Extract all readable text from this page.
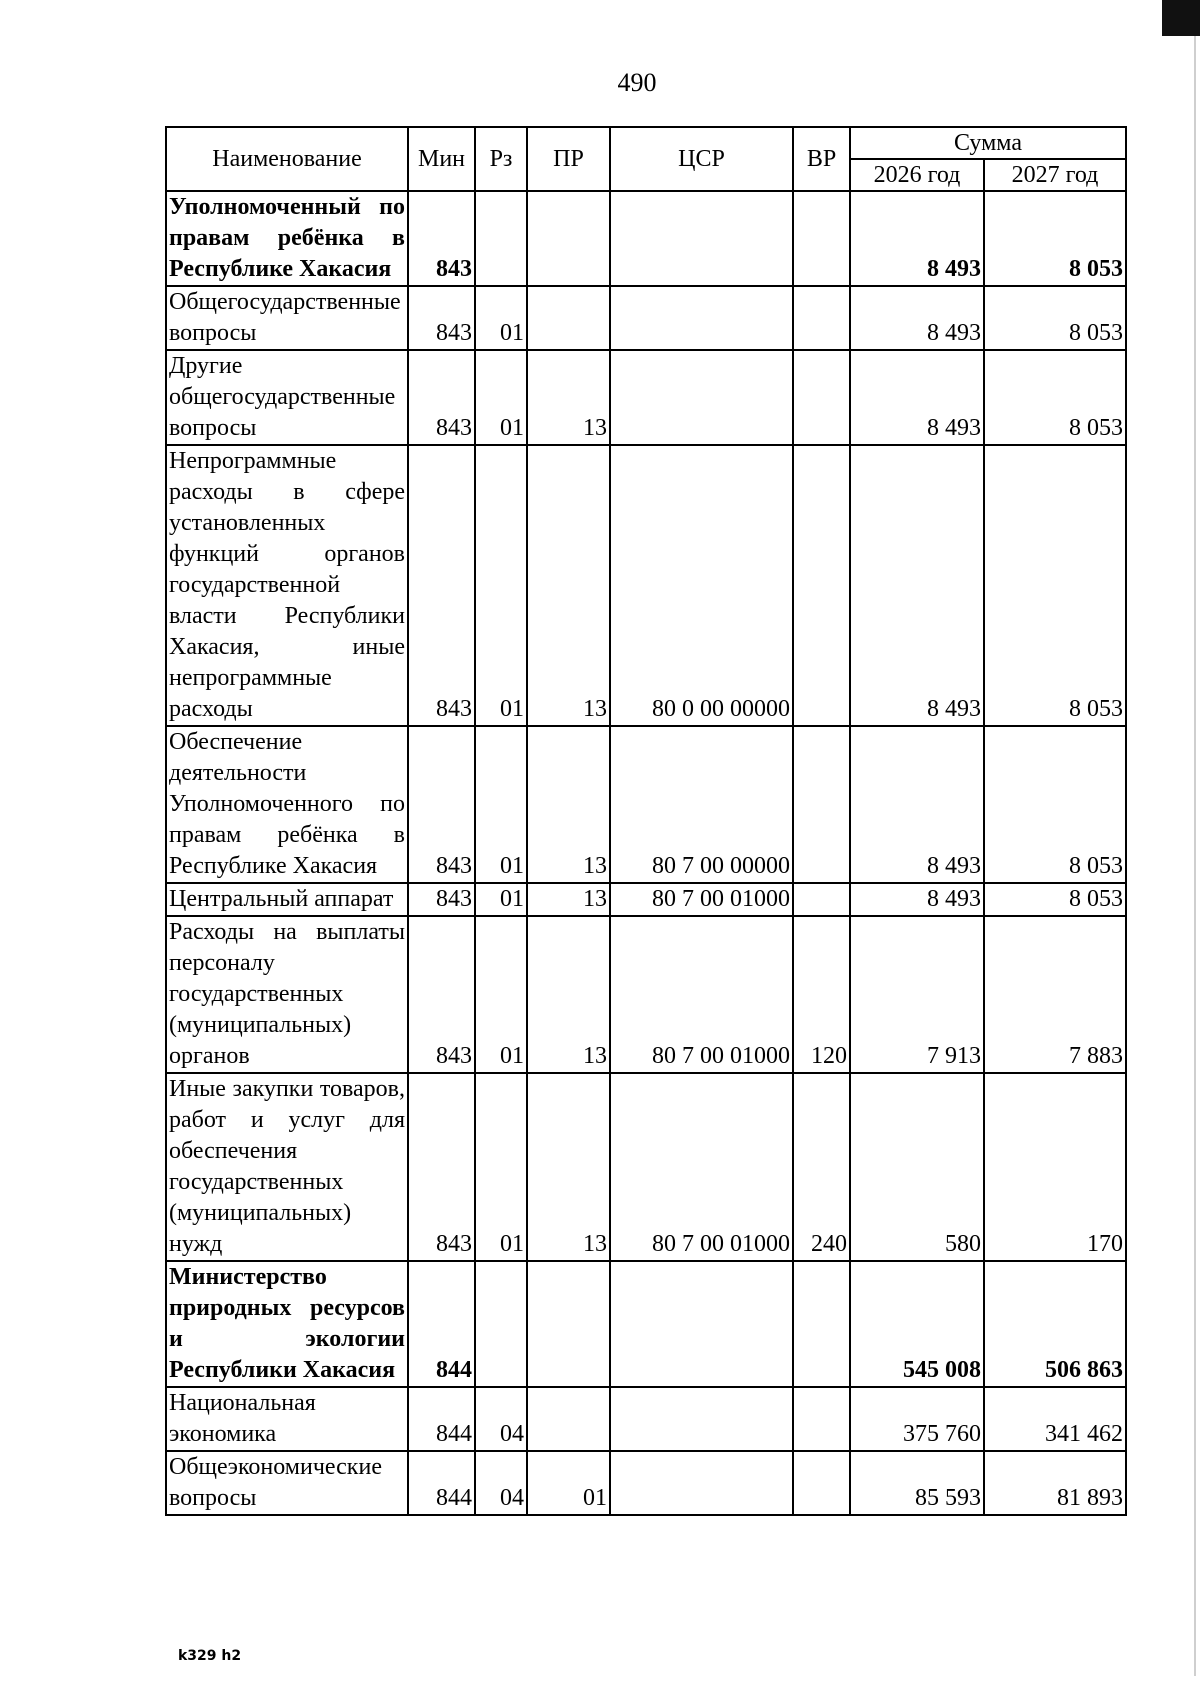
490
Наименование	Мин	Рз	ПР	ЦСР	ВР	Сумма	
						2026 год	2027 год
Уполномоченный по правам ребёнка в Республике Хакасия	843					8 493	8 053
Общегосударственные вопросы	843	01				8 493	8 053
Другие общегосударственные вопросы	843	01	13			8 493	8 053
Непрограммные расходы в сфере установленных функций органов государственной власти Республики Хакасия, иные непрограммные расходы	843	01	13	80 0 00 00000		8 493	8 053
Обеспечение деятельности Уполномоченного по правам ребёнка в Республике Хакасия	843	01	13	80 7 00 00000		8 493	8 053
Центральный аппарат	843	01	13	80 7 00 01000		8 493	8 053
Расходы на выплаты персоналу государственных (муниципальных) органов	843	01	13	80 7 00 01000	120	7 913	7 883
Иные закупки товаров, работ и услуг для обеспечения государственных (муниципальных) нужд	843	01	13	80 7 00 01000	240	580	170
Министерство природных ресурсов и экологии Республики Хакасия	844					545 008	506 863
Национальная экономика	844	04				375 760	341 462
Общеэкономические вопросы	844	04	01			85 593	81 893
k329 h2
